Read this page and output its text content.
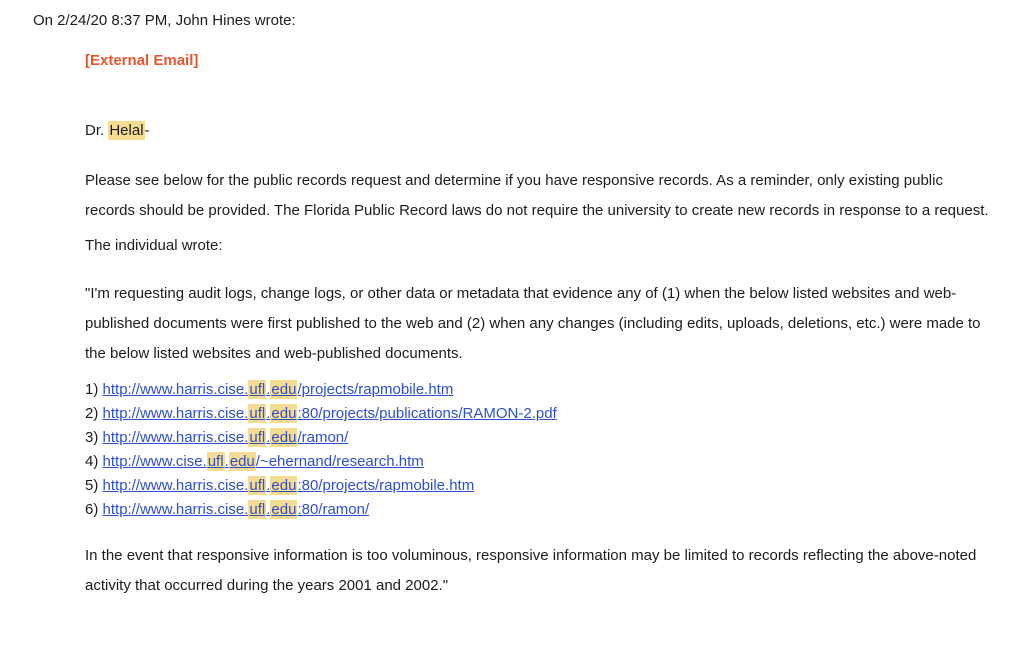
On 2/24/20 8:37 PM, John Hines wrote:
[External Email]
Dr. Helal-

Please see below for the public records request and determine if you have responsive records. As a reminder, only existing public records should be provided. The Florida Public Record laws do not require the university to create new records in response to a request.

The individual wrote:

"I'm requesting audit logs, change logs, or other data or metadata that evidence any of (1) when the below listed websites and web-published documents were first published to the web and (2) when any changes (including edits, uploads, deletions, etc.) were made to the below listed websites and web-published documents.

1) http://www.harris.cise.ufl.edu/projects/rapmobile.htm
2) http://www.harris.cise.ufl.edu:80/projects/publications/RAMON-2.pdf
3) http://www.harris.cise.ufl.edu/ramon/
4) http://www.cise.ufl.edu/~ehernand/research.htm
5) http://www.harris.cise.ufl.edu:80/projects/rapmobile.htm
6) http://www.harris.cise.ufl.edu:80/ramon/

In the event that responsive information is too voluminous, responsive information may be limited to records reflecting the above-noted activity that occurred during the years 2001 and 2002."
